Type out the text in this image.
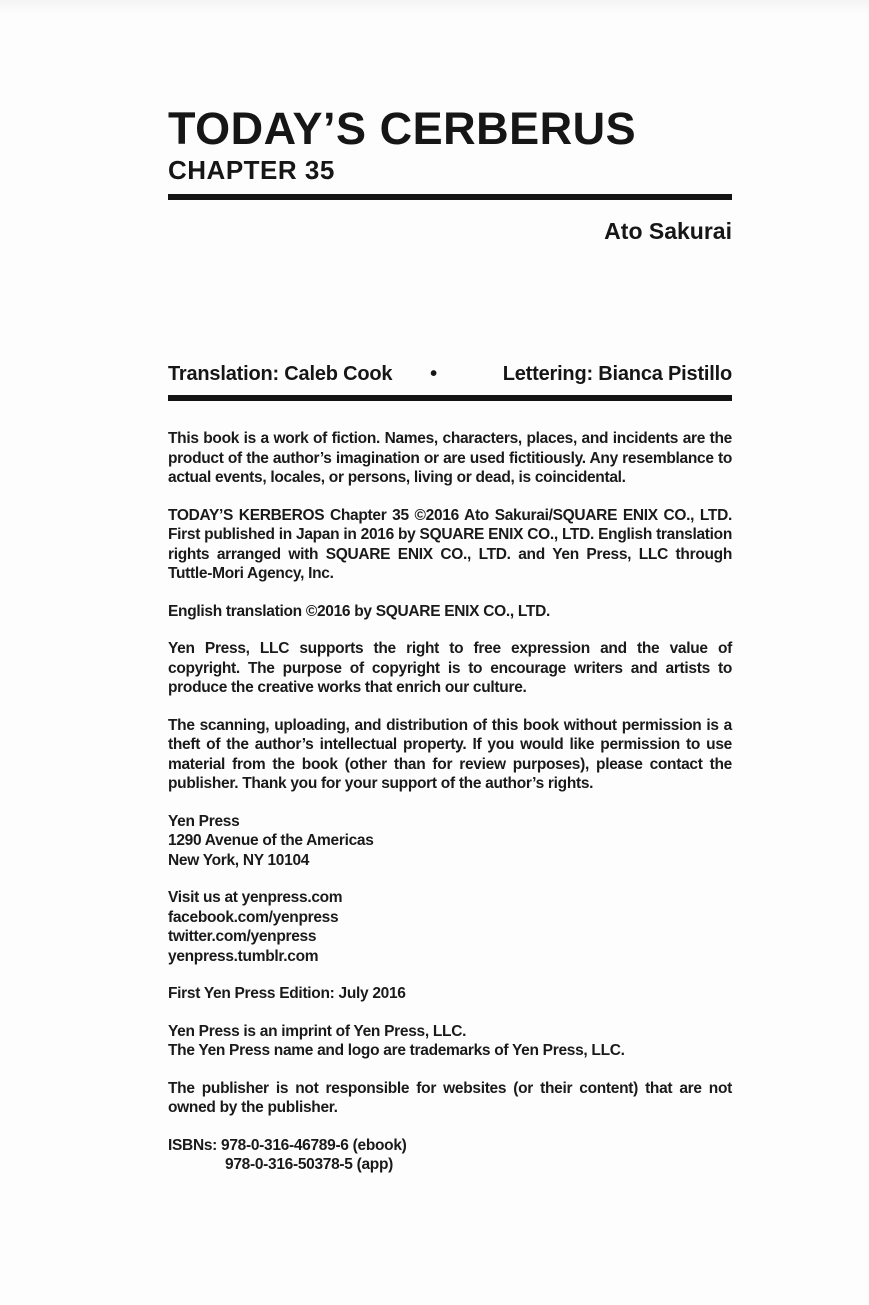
TODAY’S CERBERUS
CHAPTER 35
Ato Sakurai
Translation: Caleb Cook •	Lettering: Bianca Pistillo

This book is a work of fiction. Names, characters, places, and incidents are the product of the author’s imagination or are used fictitiously. Any resemblance to actual events, locales, or persons, living or dead, is coincidental.

TODAY’S KERBEROS Chapter 35 ©2016 Ato Sakurai/SQUARE ENIX CO., LTD. First published in Japan in 2016 by SQUARE ENIX CO., LTD. English translation rights arranged with SQUARE ENIX CO., LTD. and Yen Press, LLC through Tuttle-Mori Agency, Inc.

English translation ©2016 by SQUARE ENIX CO., LTD.

Yen Press, LLC supports the right to free expression and the value of copyright. The purpose of copyright is to encourage writers and artists to produce the creative works that enrich our culture.

The scanning, uploading, and distribution of this book without permission is a theft of the author’s intellectual property. If you would like permission to use material from the book (other than for review purposes), please contact the publisher. Thank you for your support of the author’s rights.

Yen Press
1290 Avenue of the Americas
New York, NY 10104

Visit us at yenpress.com
facebook.com/yenpress
twitter.com/yenpress
yenpress.tumblr.com

First Yen Press Edition: July 2016

Yen Press is an imprint of Yen Press, LLC.
The Yen Press name and logo are trademarks of Yen Press, LLC.

The publisher is not responsible for websites (or their content) that are not owned by the publisher.

ISBNs: 978-0-316-46789-6 (ebook)
978-0-316-50378-5 (app)
